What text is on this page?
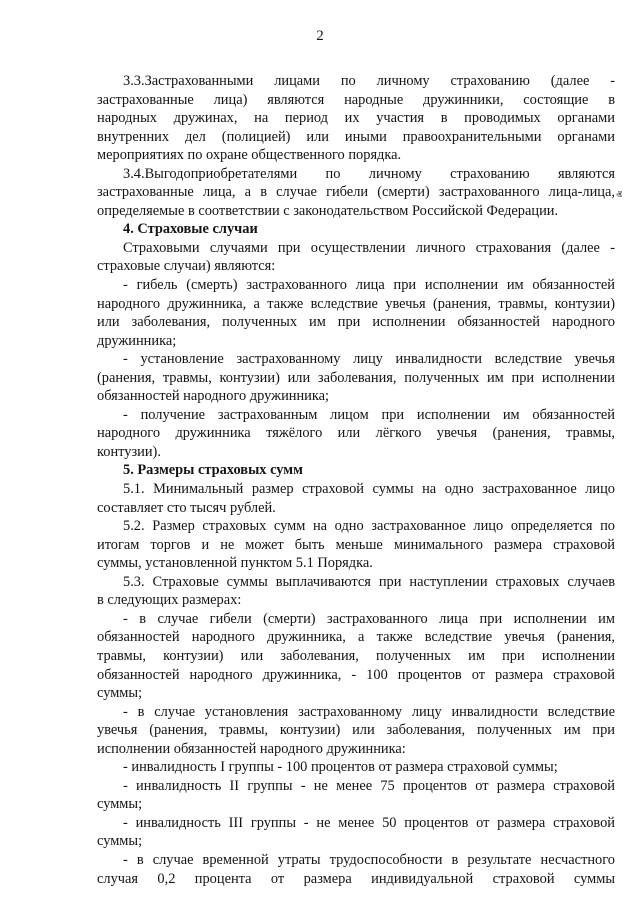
2

3.3.Застрахованными лицами по личному страхованию (далее -
застрахованные лица) являются народные дружинники, состоящие в
народных дружинах, на период их участия в проводимых органами
внутренних дел (полицией) или иными правоохранительными органами
мероприятиях по охране общественного порядка.

3.4.Выгодоприобретателями по личному страхованию являются
застрахованные лица, а в случае гибели (смерти) застрахованного лица-лица,
определяемые в соответствии с законодательством Российской Федерации.

4. Страховые случаи

Страховыми случаями при осуществлении личного страхования (далее -
страховые случаи) являются:

- гибель (смерть) застрахованного лица при исполнении им обязанностей
народного дружинника, а также вследствие увечья (ранения, травмы, контузии)
или заболевания, полученных им при исполнении обязанностей народного
дружинника;

- установление застрахованному лицу инвалидности вследствие увечья
(ранения, травмы, контузии) или заболевания, полученных им при исполнении
обязанностей народного дружинника;

- получение застрахованным лицом при исполнении им обязанностей
народного дружинника тяжёлого или лёгкого увечья (ранения, травмы,
контузии).

5. Размеры страховых сумм

5.1. Минимальный размер страховой суммы на одно застрахованное лицо
составляет сто тысяч рублей.

5.2. Размер страховых сумм на одно застрахованное лицо определяется по
итогам торгов и не может быть меньше минимального размера страховой
суммы, установленной пунктом 5.1 Порядка.

5.3. Страховые суммы выплачиваются при наступлении страховых случаев
в следующих размерах:

- в случае гибели (смерти) застрахованного лица при исполнении им
обязанностей народного дружинника, а также вследствие увечья (ранения,
травмы, контузии) или заболевания, полученных им при исполнении
обязанностей народного дружинника, - 100 процентов от размера страховой
суммы;

- в случае установления застрахованному лицу инвалидности вследствие
увечья (ранения, травмы, контузии) или заболевания, полученных им при
исполнении обязанностей народного дружинника:

- инвалидность I группы - 100 процентов от размера страховой суммы;

- инвалидность II группы - не менее 75 процентов от размера страховой
суммы;

- инвалидность III группы - не менее 50 процентов от размера страховой
суммы;

- в случае временной утраты трудоспособности в результате несчастного
случая 0,2 процента от размера индивидуальной страховой суммы

ⱏ
